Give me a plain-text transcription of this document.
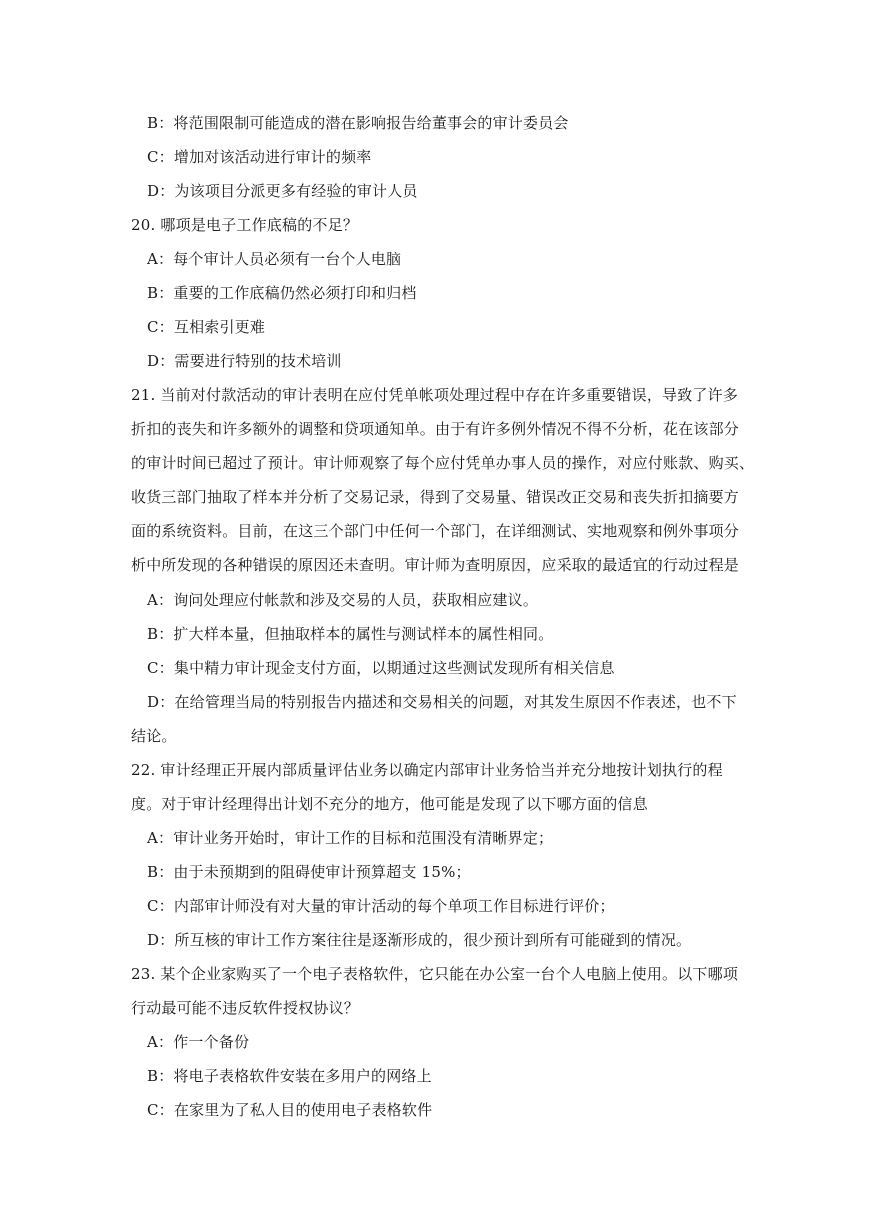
B：将范围限制可能造成的潜在影响报告给董事会的审计委员会
C：增加对该活动进行审计的频率
D：为该项目分派更多有经验的审计人员
20. 哪项是电子工作底稿的不足？
A：每个审计人员必须有一台个人电脑
B：重要的工作底稿仍然必须打印和归档
C：互相索引更难
D：需要进行特别的技术培训
21. 当前对付款活动的审计表明在应付凭单帐项处理过程中存在许多重要错误，导致了许多
折扣的丧失和许多额外的调整和贷项通知单。由于有许多例外情况不得不分析，花在该部分
的审计时间已超过了预计。审计师观察了每个应付凭单办事人员的操作，对应付账款、购买、
收货三部门抽取了样本并分析了交易记录，得到了交易量、错误改正交易和丧失折扣摘要方
面的系统资料。目前，在这三个部门中任何一个部门，在详细测试、实地观察和例外事项分
析中所发现的各种错误的原因还未查明。审计师为查明原因，应采取的最适宜的行动过程是
A：询问处理应付帐款和涉及交易的人员，获取相应建议。
B：扩大样本量，但抽取样本的属性与测试样本的属性相同。
C：集中精力审计现金支付方面，以期通过这些测试发现所有相关信息
D：在给管理当局的特别报告内描述和交易相关的问题，对其发生原因不作表述，也不下
结论。
22. 审计经理正开展内部质量评估业务以确定内部审计业务恰当并充分地按计划执行的程
度。对于审计经理得出计划不充分的地方，他可能是发现了以下哪方面的信息
A：审计业务开始时，审计工作的目标和范围没有清晰界定；
B：由于未预期到的阻碍使审计预算超支 15%；
C：内部审计师没有对大量的审计活动的每个单项工作目标进行评价；
D：所互核的审计工作方案往往是逐渐形成的，很少预计到所有可能碰到的情况。
23. 某个企业家购买了一个电子表格软件，它只能在办公室一台个人电脑上使用。以下哪项
行动最可能不违反软件授权协议？
A：作一个备份
B：将电子表格软件安装在多用户的网络上
C：在家里为了私人目的使用电子表格软件
